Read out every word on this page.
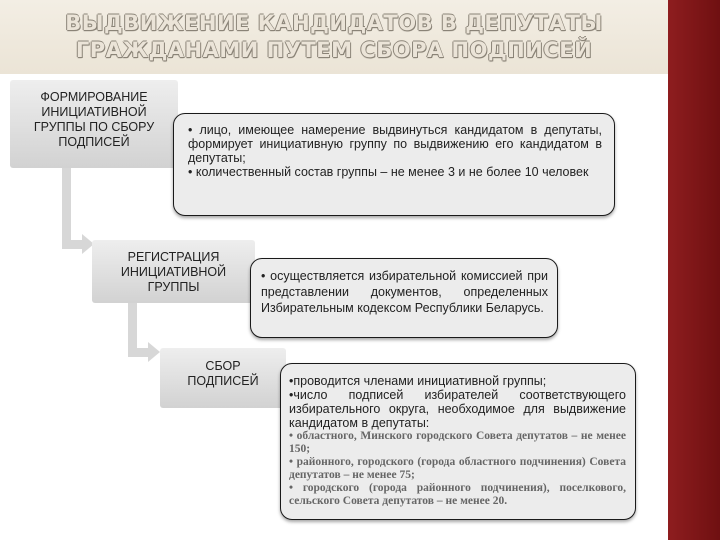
ВЫДВИЖЕНИЕ КАНДИДАТОВ В ДЕПУТАТЫ
ГРАЖДАНАМИ ПУТЕМ СБОРА ПОДПИСЕЙ
ФОРМИРОВАНИЕ
ИНИЦИАТИВНОЙ
ГРУППЫ ПО СБОРУ
ПОДПИСЕЙ

• лицо, имеющее намерение выдвинуться кандидатом в депутаты, формирует инициативную группу по выдвижению его кандидатом в депутаты;

• количественный состав группы – не менее 3 и не более 10 человек

РЕГИСТРАЦИЯ
ИНИЦИАТИВНОЙ
ГРУППЫ

• осуществляется избирательной комиссией при представлении документов, определенных Избирательным кодексом Республики Беларусь.

СБОР
ПОДПИСЕЙ	•проводится членами инициативной группы;

•число подписей избирателей соответствующего избирательного округа, необходимое для выдвижение кандидатом в депутаты:

• областного, Минского городского Совета депутатов – не менее 150;

• районного, городского (города областного подчинения) Совета депутатов – не менее 75;

• городского (города районного подчинения), поселкового, сельского Совета депутатов – не менее 20.
